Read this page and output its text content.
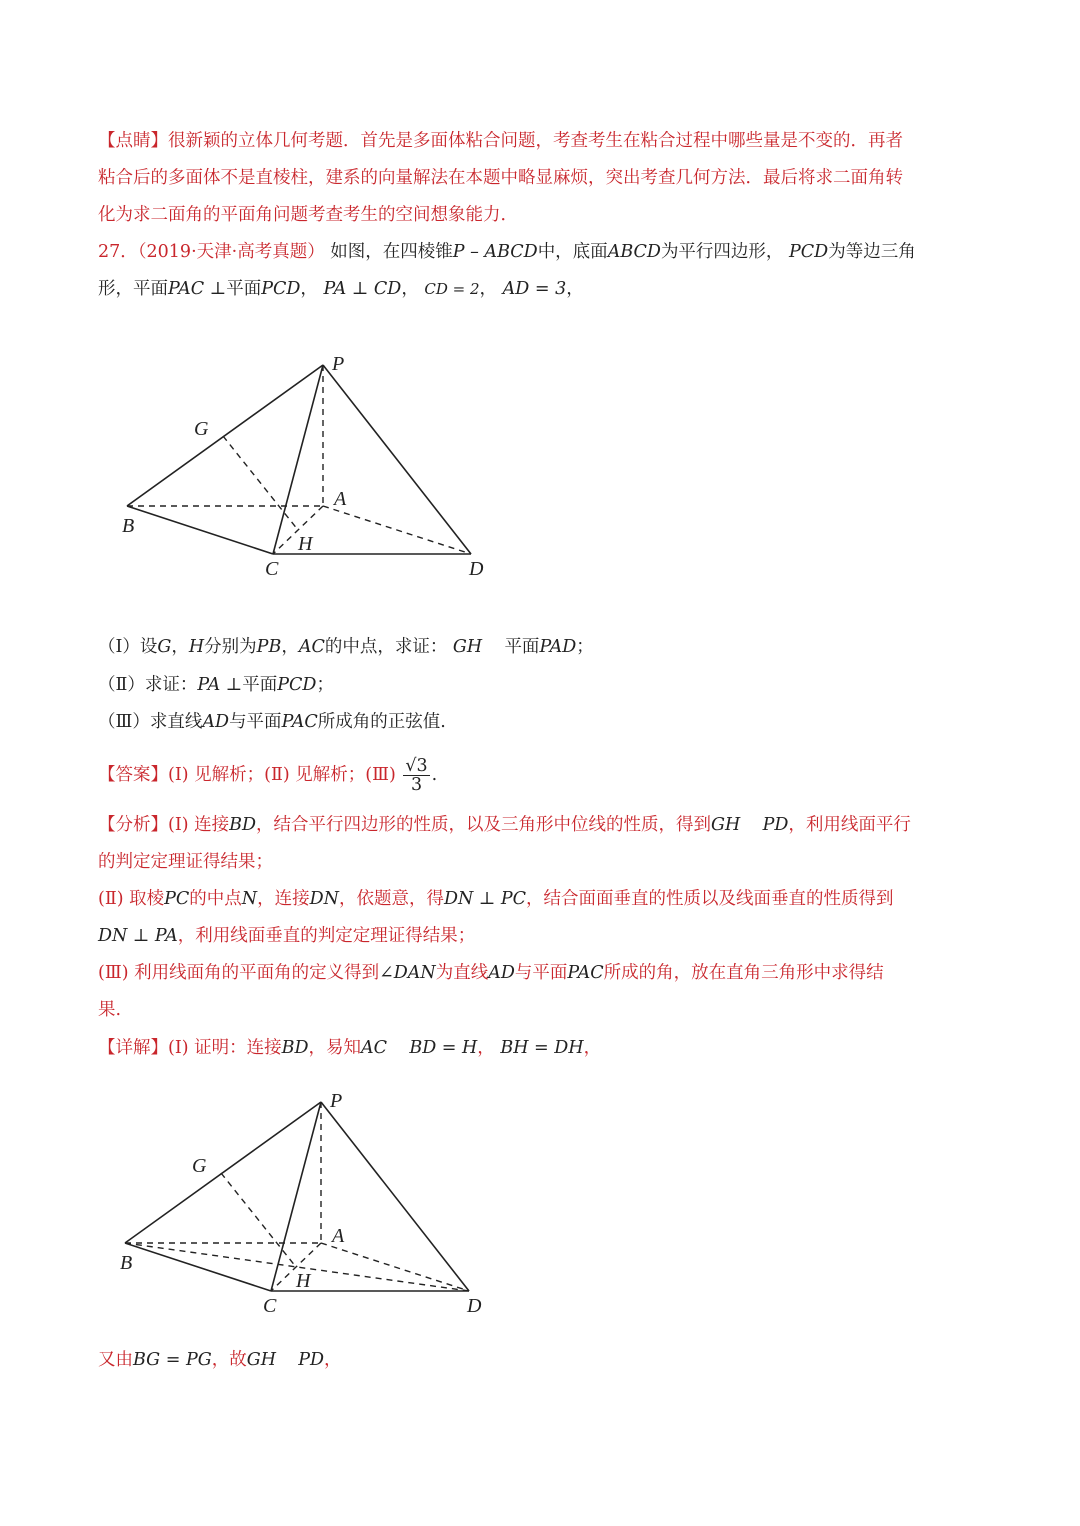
【点睛】很新颖的立体几何考题．首先是多面体粘合问题，考查考生在粘合过程中哪些量是不变的．再者
粘合后的多面体不是直棱柱，建系的向量解法在本题中略显麻烦，突出考查几何方法．最后将求二面角转
化为求二面角的平面角问题考查考生的空间想象能力．
27．（2019·天津·高考真题） 如图，在四棱锥P – ABCD中，底面ABCD为平行四边形， PCD为等边三角
形，平面PAC ⊥平面PCD， PA ⊥ CD， CD = 2， AD = 3，
P
G
A
B
H
C	D
（Ⅰ）设G，H分别为PB，AC的中点，求证： GH 平面PAD；
（Ⅱ）求证：PA ⊥平面PCD；
（Ⅲ）求直线AD与平面PAC所成角的正弦值.
【答案】(Ⅰ) 见解析；(Ⅱ) 见解析；(Ⅲ) $\frac{√3}{3}$ .
【分析】(Ⅰ) 连接BD，结合平行四边形的性质，以及三角形中位线的性质，得到GH PD，利用线面平行
的判定定理证得结果；
(Ⅱ) 取棱PC的中点N，连接DN，依题意，得DN ⊥ PC，结合面面垂直的性质以及线面垂直的性质得到
DN ⊥ PA，利用线面垂直的判定定理证得结果；
(Ⅲ) 利用线面角的平面角的定义得到∠DAN为直线AD与平面PAC所成的角，放在直角三角形中求得结
果.
【详解】(Ⅰ) 证明：连接BD，易知AC BD = H， BH = DH，
P
G
A
B
H
C	D
又由BG = PG，故GH PD，
